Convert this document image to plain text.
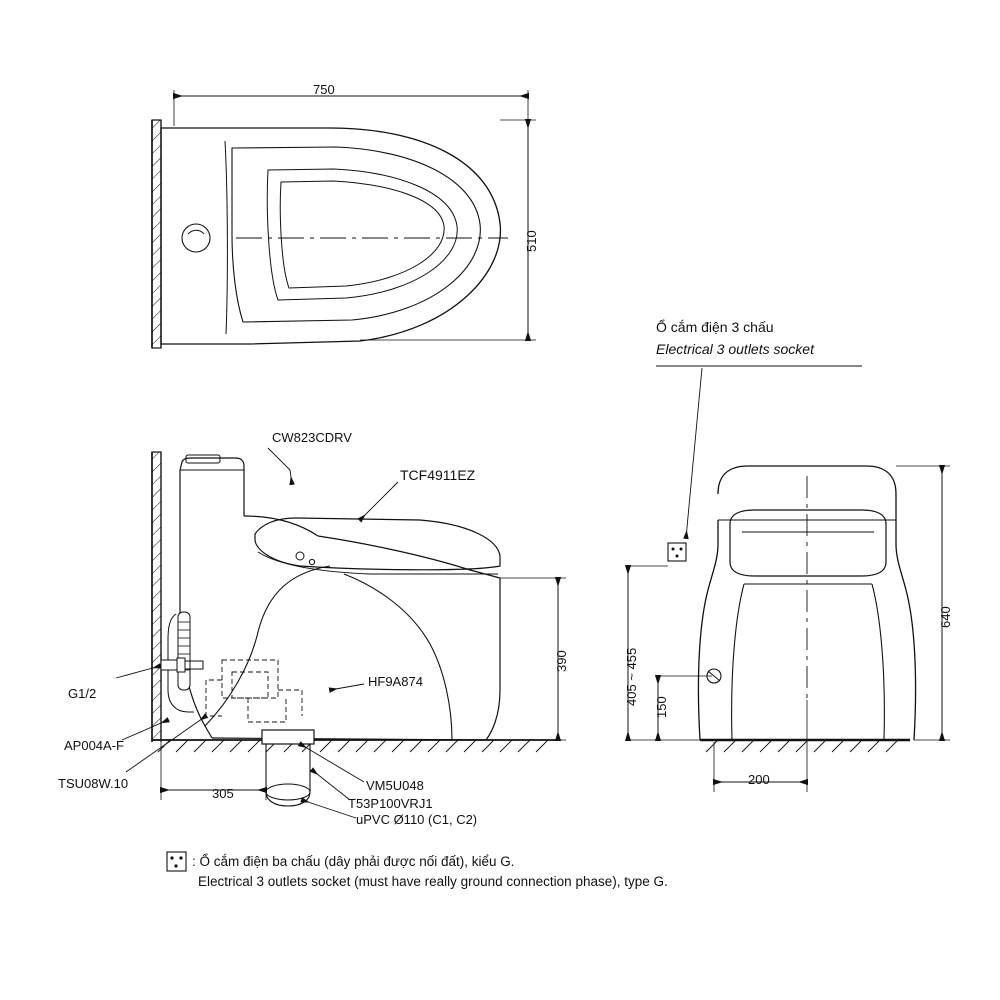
750
510
CW823CDRV
TCF4911EZ
HF9A874
G1/2
AP004A-F
TSU08W.10	VM5U048
T53P100VRJ1
uPVC Ø110 (C1, C2)
390
305
Ổ cắm điện 3 chấu
Electrical 3 outlets socket
640
405 ~ 455
150
200
: Ổ cắm điện ba chấu (dây phải được nối đất), kiểu G.
Electrical 3 outlets socket (must have really ground connection phase), type G.
